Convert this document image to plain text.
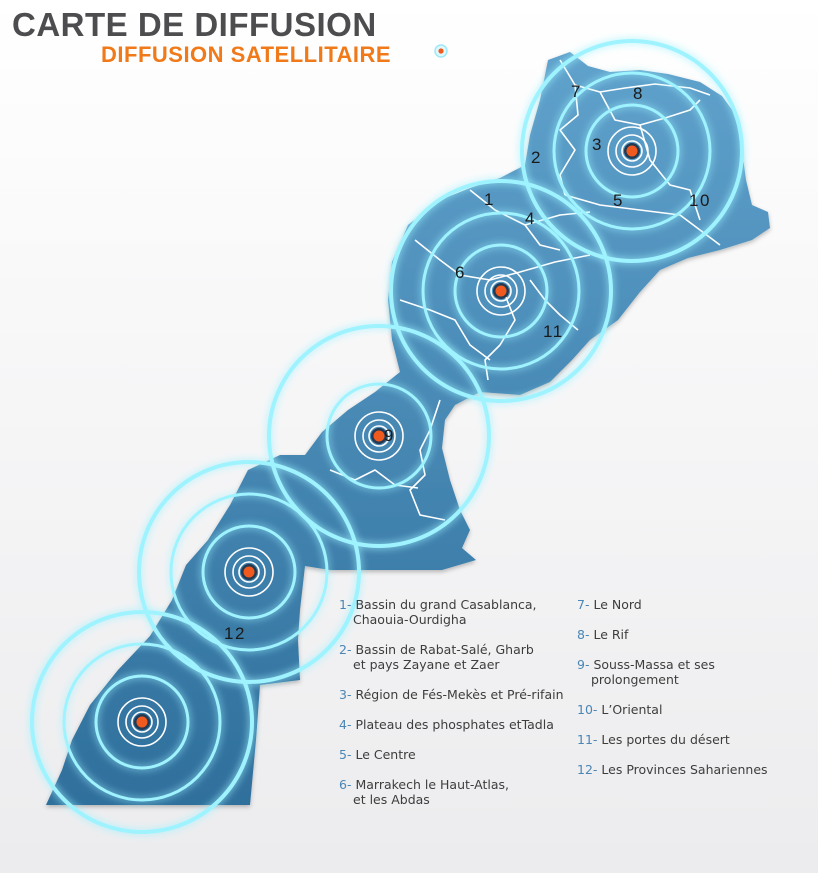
CARTE DE DIFFUSION
DIFFUSION SATELLITAIRE
1
2
3
4
5
6
7	8
9
10
11
12
1- Bassin du grand Casablanca,
Chaouia-Ourdigha
2- Bassin de Rabat-Salé, Gharb
et pays Zayane et Zaer
3- Région de Fés-Mekès et Pré-rifain
4- Plateau des phosphates etTadla
5- Le Centre
6- Marrakech le Haut-Atlas,
et les Abdas
7- Le Nord
8- Le Rif
9- Souss-Massa et ses
prolongement
10- L’Oriental
11- Les portes du désert
12- Les Provinces Sahariennes
